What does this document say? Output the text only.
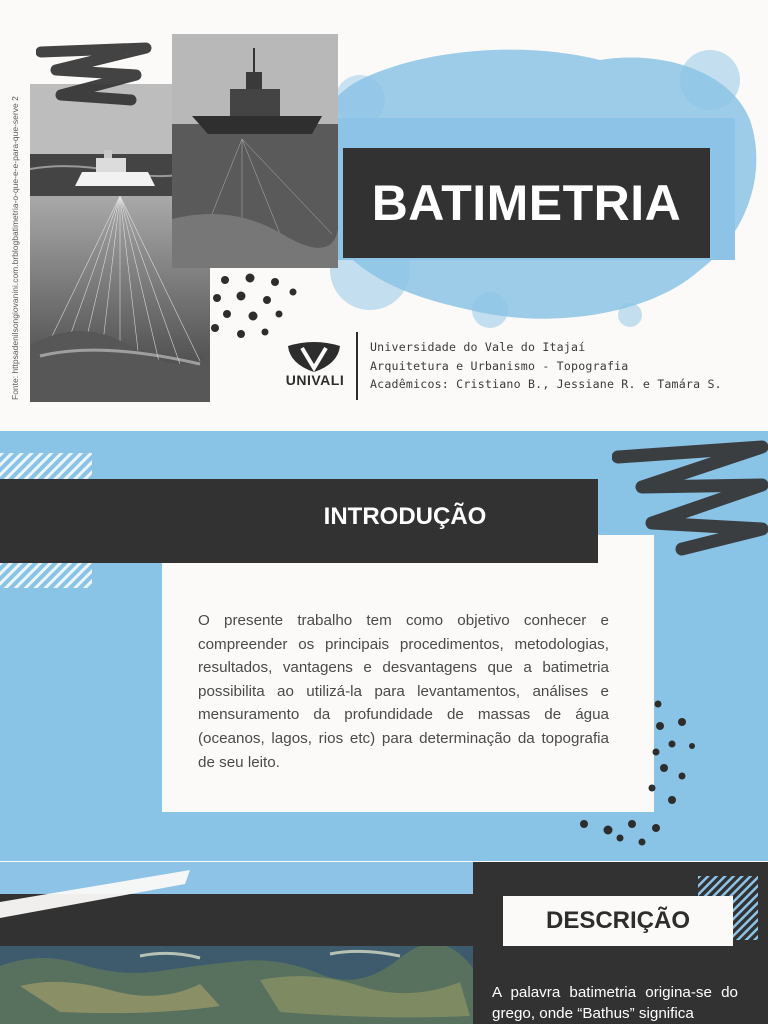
BATIMETRIA
Fonte: httpsadenilsongiovanini.com.brblogbatimetria-o-que-e-e-para-que-serve 2	UNIVALI
Universidade do Vale do Itajaí
Arquitetura e Urbanismo - Topografia
Acadêmicos: Cristiano B., Jessiane R. e Tamára S.
INTRODUÇÃO
O presente trabalho tem como objetivo conhecer e compreender os principais procedimentos, metodologias, resultados, vantagens e desvantagens que a batimetria possibilita ao utilizá-la para levantamentos, análises e mensuramento da profundidade de massas de água (oceanos, lagos, rios etc) para determinação da topografia de seu leito.
DESCRIÇÃO
A palavra batimetria origina-se do grego, onde “Bathus” significa
